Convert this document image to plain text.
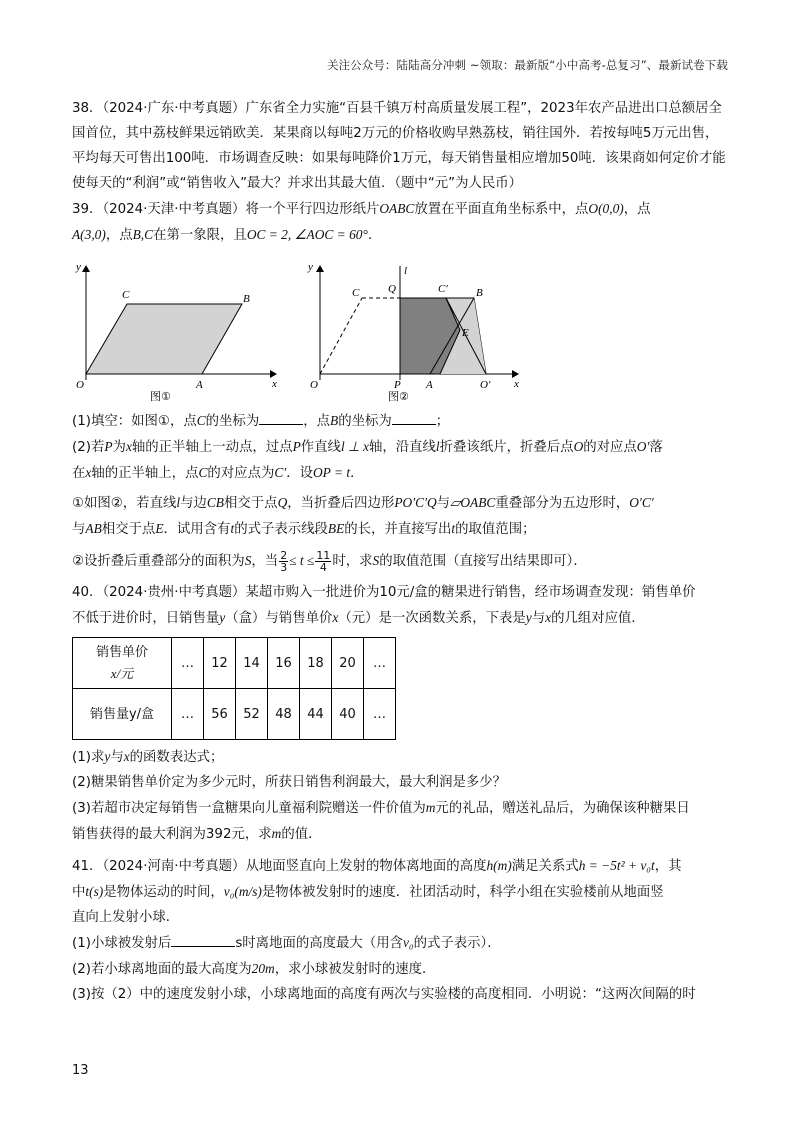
关注公众号：陆陆高分冲刺 ~领取：最新版“小中高考-总复习”、最新试卷下载

38．（2024·广东·中考真题）广东省全力实施“百县千镇万村高质量发展工程”，2023年农产品进出口总额居全国首位，其中荔枝鲜果远销欧美．某果商以每吨2万元的价格收购早熟荔枝，销往国外．若按每吨5万元出售，平均每天可售出100吨．市场调查反映：如果每吨降价1万元，每天销售量相应增加50吨．该果商如何定价才能使每天的“利润”或“销售收入”最大？并求出其最大值．（题中“元”为人民币）

39．（2024·天津·中考真题）将一个平行四边形纸片OABC放置在平面直角坐标系中，点O(0,0)，点
A(3,0)，点B,C在第一象限，且OC = 2, ∠AOC = 60°．

y
x
O	A
B
C
图①
y
x
l
O	P A	O′
C	Q	C′	B
E
图②

(1)填空：如图①，点C的坐标为	，点B的坐标为	；

(2)若P为x轴的正半轴上一动点，过点P作直线l ⊥ x轴，沿直线l折叠该纸片，折叠后点O的对应点O′落
在x轴的正半轴上，点C的对应点为C′．设OP = t．

①如图②，若直线l与边CB相交于点Q，当折叠后四边形PO′C′Q与▱OABC重叠部分为五边形时，O′C′
与AB相交于点E．试用含有t的式子表示线段BE的长，并直接写出t的取值范围；

②设折叠后重叠部分的面积为S，当 $\frac{2}{3} \le t \le \frac{11}{4}$ 时，求S的取值范围（直接写出结果即可）．

40．（2024·贵州·中考真题）某超市购入一批进价为10元/盒的糖果进行销售，经市场调查发现：销售单价
不低于进价时，日销售量y（盒）与销售单价x（元）是一次函数关系，下表是y与x的几组对应值．

销售单价
x/元	…	12	14	16	18	20	…
销售量y/盒	…	56	52	48	44	40	…

(1)求y与x的函数表达式；

(2)糖果销售单价定为多少元时，所获日销售利润最大，最大利润是多少？

(3)若超市决定每销售一盒糖果向儿童福利院赠送一件价值为m元的礼品，赠送礼品后，为确保该种糖果日
销售获得的最大利润为392元，求m的值．

41．（2024·河南·中考真题）从地面竖直向上发射的物体离地面的高度h(m)满足关系式h = −5t² + v₀t，其
中t(s)是物体运动的时间，v₀(m/s)是物体被发射时的速度．社团活动时，科学小组在实验楼前从地面竖
直向上发射小球．

(1)小球被发射后	s时离地面的高度最大（用含v₀的式子表示）．

(2)若小球离地面的最大高度为20m，求小球被发射时的速度．

(3)按（2）中的速度发射小球，小球离地面的高度有两次与实验楼的高度相同．小明说：“这两次间隔的时

13
